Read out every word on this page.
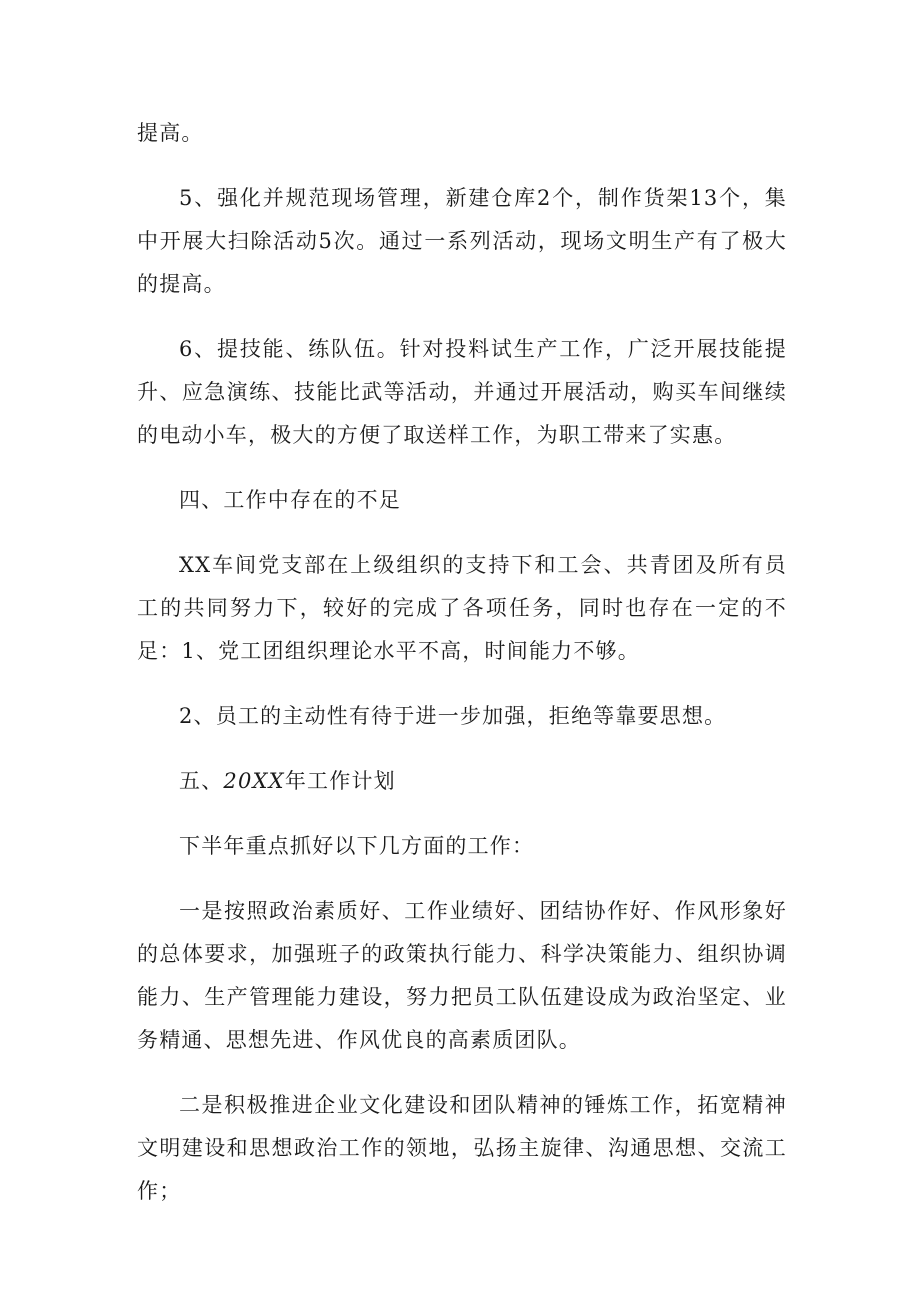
提高。

5、强化并规范现场管理，新建仓库2个，制作货架13个，集中开展大扫除活动5次。通过一系列活动，现场文明生产有了极大的提高。

6、提技能、练队伍。针对投料试生产工作，广泛开展技能提升、应急演练、技能比武等活动，并通过开展活动，购买车间继续的电动小车，极大的方便了取送样工作，为职工带来了实惠。

四、工作中存在的不足

XX车间党支部在上级组织的支持下和工会、共青团及所有员工的共同努力下，较好的完成了各项任务，同时也存在一定的不足：1、党工团组织理论水平不高，时间能力不够。

2、员工的主动性有待于进一步加强，拒绝等靠要思想。

五、20XX年工作计划

下半年重点抓好以下几方面的工作：

一是按照政治素质好、工作业绩好、团结协作好、作风形象好的总体要求，加强班子的政策执行能力、科学决策能力、组织协调能力、生产管理能力建设，努力把员工队伍建设成为政治坚定、业务精通、思想先进、作风优良的高素质团队。

二是积极推进企业文化建设和团队精神的锤炼工作，拓宽精神文明建设和思想政治工作的领地，弘扬主旋律、沟通思想、交流工作；
